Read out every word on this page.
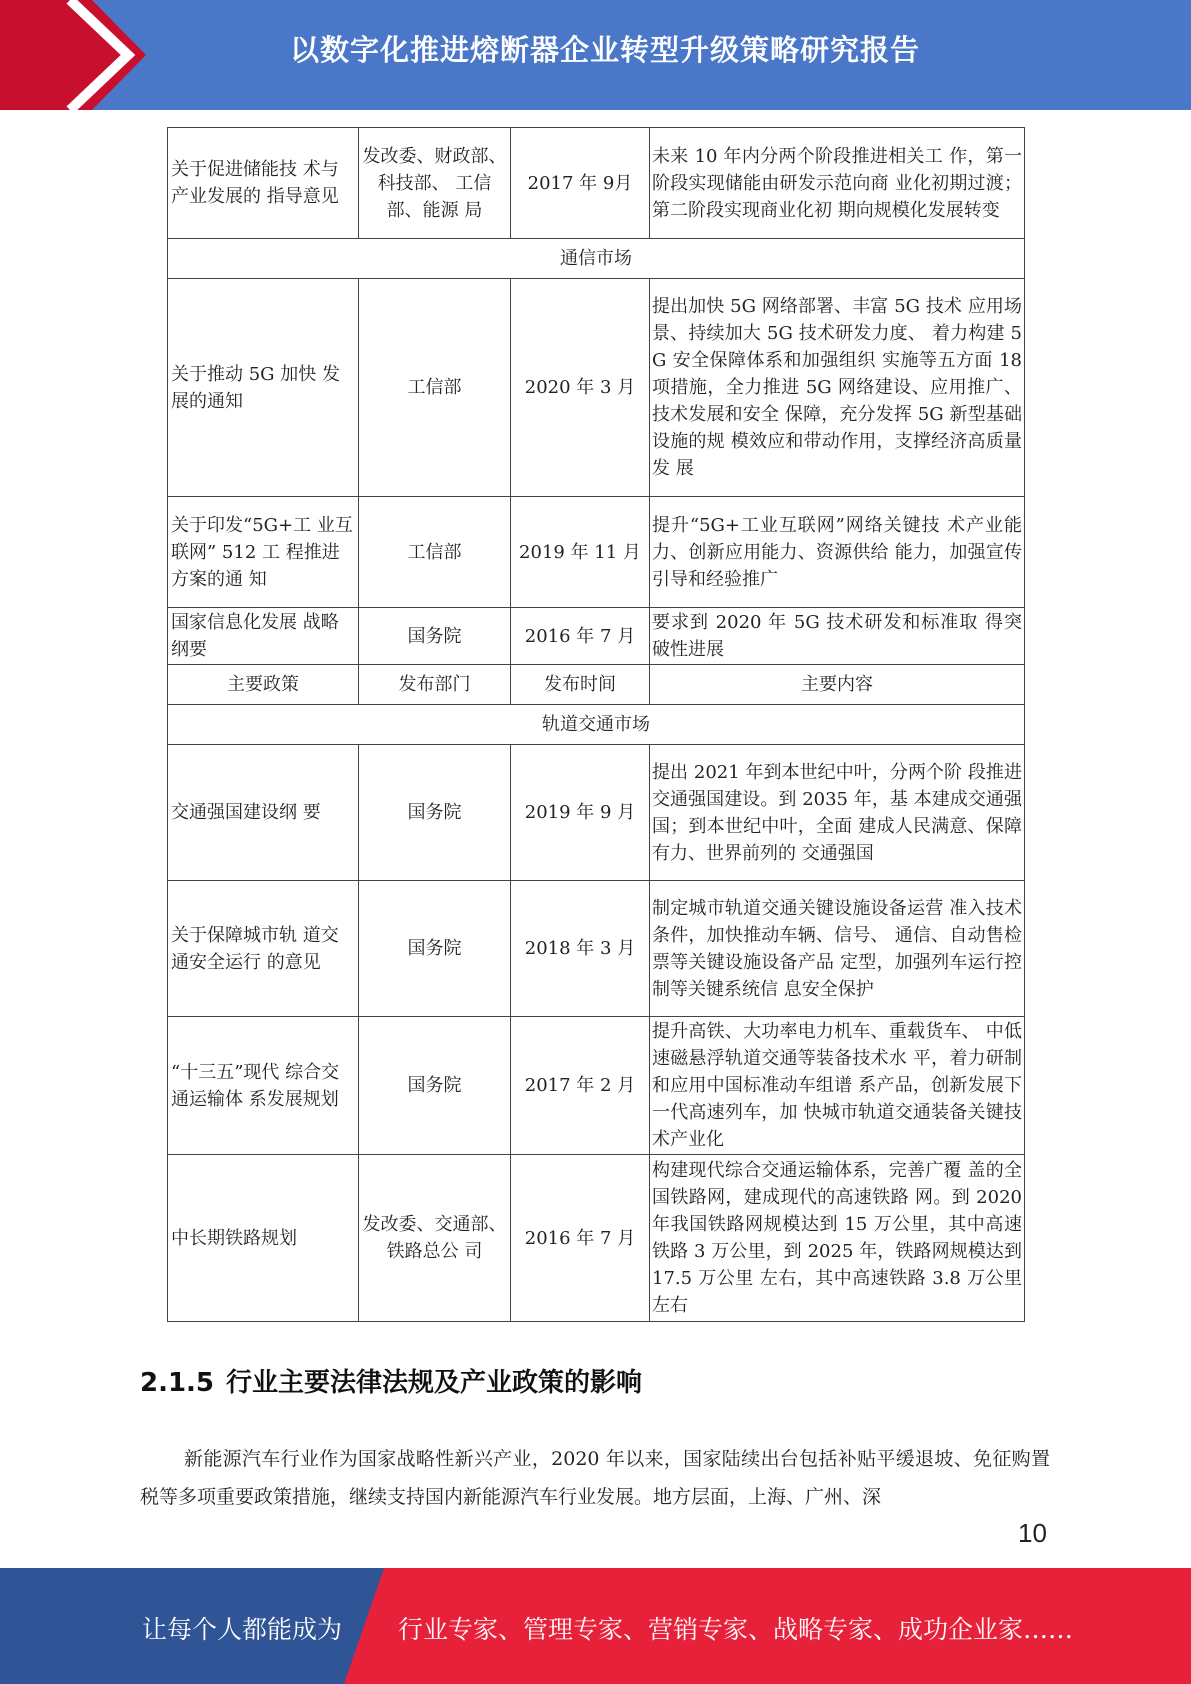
以数字化推进熔断器企业转型升级策略研究报告
关于促进储能技 术与产业发展的 指导意见	发改委、财政部、科技部、 工信部、能源 局	2017 年 9月	未来 10 年内分两个阶段推进相关工 作，第一阶段实现储能由研发示范向商 业化初期过渡；第二阶段实现商业化初 期向规模化发展转变
通信市场			
关于推动 5G 加快 发展的通知	工信部	2020 年 3 月	提出加快 5G 网络部署、丰富 5G 技术 应用场景、持续加大 5G 技术研发力度、 着力构建 5G 安全保障体系和加强组织 实施等五方面 18 项措施，全力推进 5G 网络建设、应用推广、技术发展和安全 保障，充分发挥 5G 新型基础设施的规 模效应和带动作用，支撑经济高质量发 展
关于印发“5G+工 业互联网” 512 工 程推进方案的通 知	工信部	2019 年 11 月	提升“5G+工业互联网”网络关键技 术产业能力、创新应用能力、资源供给 能力，加强宣传引导和经验推广
国家信息化发展 战略纲要	国务院	2016 年 7 月	要求到 2020 年 5G 技术研发和标准取 得突破性进展
主要政策	发布部门	发布时间	主要内容
轨道交通市场			
交通强国建设纲 要	国务院	2019 年 9 月	提出 2021 年到本世纪中叶，分两个阶 段推进交通强国建设。到 2035 年，基 本建成交通强国；到本世纪中叶，全面 建成人民满意、保障有力、世界前列的 交通强国
关于保障城市轨 道交通安全运行 的意见	国务院	2018 年 3 月	制定城市轨道交通关键设施设备运营 准入技术条件，加快推动车辆、信号、 通信、自动售检票等关键设施设备产品 定型，加强列车运行控制等关键系统信 息安全保护
“十三五”现代 综合交通运输体 系发展规划	国务院	2017 年 2 月	提升高铁、大功率电力机车、重载货车、 中低速磁悬浮轨道交通等装备技术水 平，着力研制和应用中国标准动车组谱 系产品，创新发展下一代高速列车，加 快城市轨道交通装备关键技术产业化
中长期铁路规划	发改委、交通部、铁路总公 司	2016 年 7 月	构建现代综合交通运输体系，完善广覆 盖的全国铁路网，建成现代的高速铁路 网。到 2020 年我国铁路网规模达到 15 万公里，其中高速铁路 3 万公里，到 2025 年，铁路网规模达到 17.5 万公里 左右，其中高速铁路 3.8 万公里左右
2.1.5 行业主要法律法规及产业政策的影响
新能源汽车行业作为国家战略性新兴产业，2020 年以来，国家陆续出台包括补贴平缓退坡、免征购置税等多项重要政策措施，继续支持国内新能源汽车行业发展。地方层面，上海、广州、深
10
让每个人都能成为 行业专家、管理专家、营销专家、战略专家、成功企业家……
